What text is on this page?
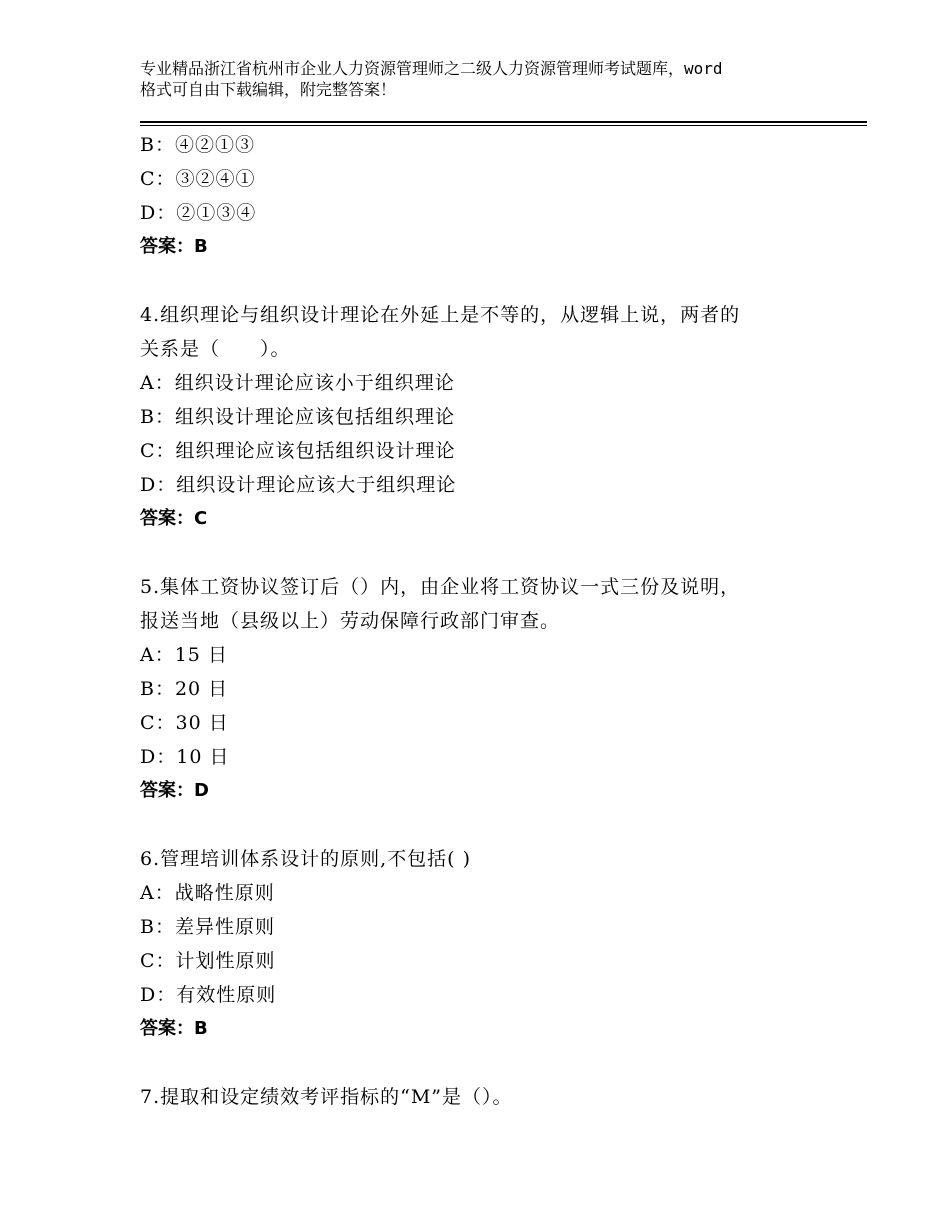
专业精品浙江省杭州市企业人力资源管理师之二级人力资源管理师考试题库，word
格式可自由下载编辑，附完整答案！
B：④②①③
C：③②④①
D：②①③④
答案：B
4.组织理论与组织设计理论在外延上是不等的，从逻辑上说，两者的
关系是（　　）。
A：组织设计理论应该小于组织理论
B：组织设计理论应该包括组织理论
C：组织理论应该包括组织设计理论
D：组织设计理论应该大于组织理论
答案：C
5.集体工资协议签订后（）内，由企业将工资协议一式三份及说明，
报送当地（县级以上）劳动保障行政部门审查。
A：15 日
B：20 日
C：30 日
D：10 日
答案：D
6.管理培训体系设计的原则,不包括( )
A：战略性原则
B：差异性原则
C：计划性原则
D：有效性原则
答案：B
7.提取和设定绩效考评指标的“M”是（）。
